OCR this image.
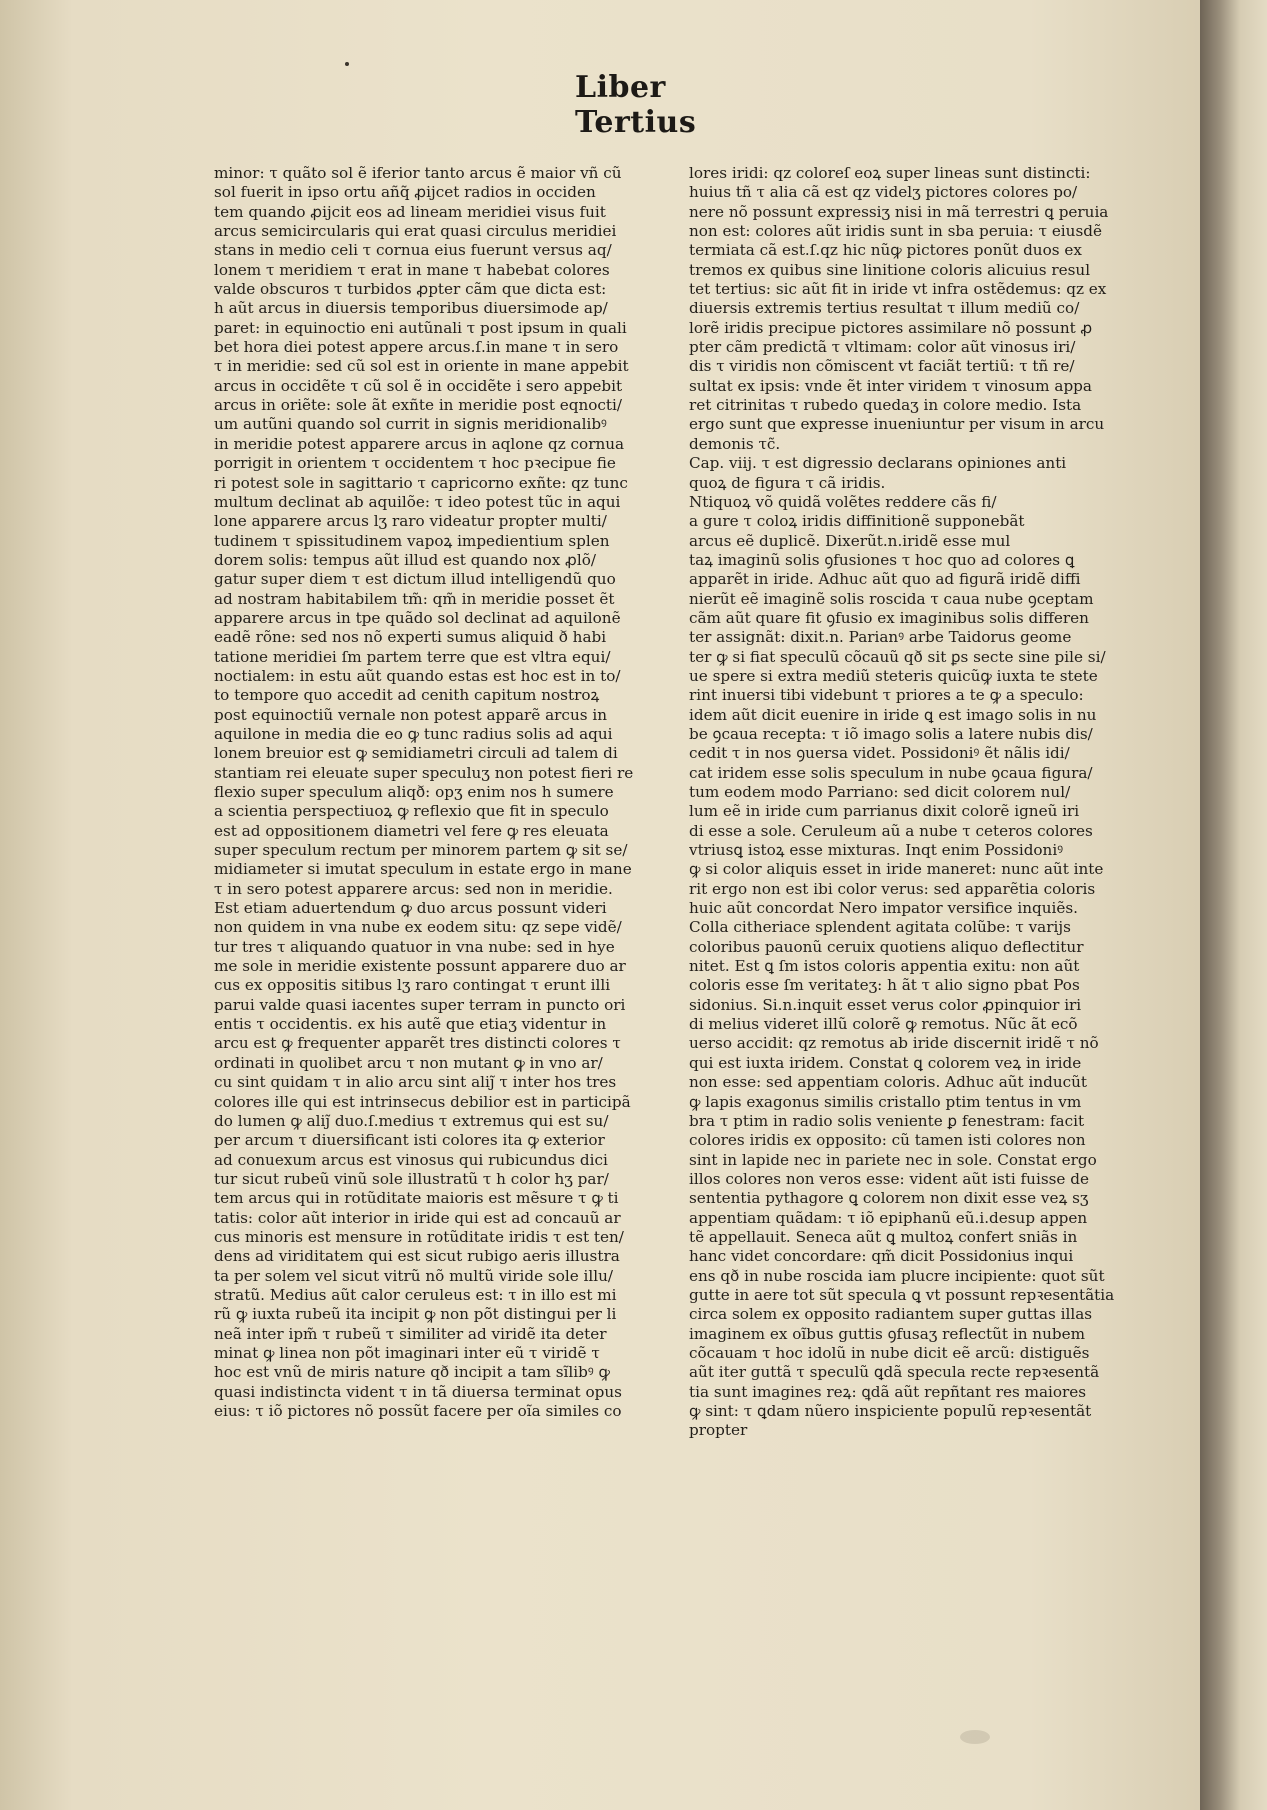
Liber Tertius
minor: τ quãto sol ẽ iferior tanto arcus ẽ maior vñ cũ
sol fuerit in ipso ortu añq̃ ꝓijcet radios in occiden
tem quando ꝓijcit eos ad lineam meridiei visus fuit
arcus semicircularis qui erat quasi circulus meridiei
stans in medio celi τ cornua eius fuerunt versus aq/
lonem τ meridiem τ erat in mane τ habebat colores
valde obscuros τ turbidos ꝓpter cãm que dicta est:
h aũt arcus in diuersis temporibus diuersimode ap/
paret: in equinoctio eni autũnali τ post ipsum in quali
bet hora diei potest appere arcus.ſ.in mane τ in sero
τ in meridie: sed cũ sol est in oriente in mane appebit
arcus in occidẽte τ cũ sol ẽ in occidẽte i sero appebit
arcus in oriẽte: sole ãt exñte in meridie post eqnocti/
um autũni quando sol currit in signis meridionalibꝰ
in meridie potest apparere arcus in aqlone qz cornua
porrigit in orientem τ occidentem τ hoc pꝛecipue fie
ri potest sole in sagittario τ capricorno exñte: qz tunc
multum declinat ab aquilõe: τ ideo potest tũc in aqui
lone apparere arcus lʒ raro videatur propter multi/
tudinem τ spissitudinem vapoꝝ impedientium splen
dorem solis: tempus aũt illud est quando nox ꝓlõ/
gatur super diem τ est dictum illud intelligendũ quo
ad nostram habitabilem tm̃: qm̃ in meridie posset ẽt
apparere arcus in tpe quãdo sol declinat ad aquilonẽ
eadẽ rõne: sed nos nõ experti sumus aliquid ð habi
tatione meridiei ſm partem terre que est vltra equi/
noctialem: in estu aũt quando estas est hoc est in to/
to tempore quo accedit ad cenith capitum nostroꝝ
post equinoctiũ vernale non potest apparẽ arcus in
aquilone in media die eo ꝙ tunc radius solis ad aqui
lonem breuior est ꝙ semidiametri circuli ad talem di
stantiam rei eleuate super speculuʒ non potest fieri re
flexio super speculum aliqð: opʒ enim nos h sumere
a scientia perspectiuoꝝ ꝙ reflexio que fit in speculo
est ad oppositionem diametri vel fere ꝙ res eleuata
super speculum rectum per minorem partem ꝙ sit se/
midiameter si imutat speculum in estate ergo in mane
τ in sero potest apparere arcus: sed non in meridie.
Est etiam aduertendum ꝙ duo arcus possunt videri
non quidem in vna nube ex eodem situ: qz sepe vidẽ/
tur tres τ aliquando quatuor in vna nube: sed in hye
me sole in meridie existente possunt apparere duo ar
cus ex oppositis sitibus lʒ raro contingat τ erunt illi
parui valde quasi iacentes super terram in puncto ori
entis τ occidentis. ex his autẽ que etiaʒ videntur in
arcu est ꝙ frequenter apparẽt tres distincti colores τ
ordinati in quolibet arcu τ non mutant ꝙ in vno ar/
cu sint quidam τ in alio arcu sint aliȷ̃ τ inter hos tres
colores ille qui est intrinsecus debilior est in participã
do lumen ꝙ aliȷ̃ duo.ſ.medius τ extremus qui est su/
per arcum τ diuersificant isti colores ita ꝙ exterior
ad conuexum arcus est vinosus qui rubicundus dici
tur sicut rubeũ vinũ sole illustratũ τ h color hʒ par/
tem arcus qui in rotũditate maioris est mẽsure τ ꝙ ti
tatis: color aũt interior in iride qui est ad concauũ ar
cus minoris est mensure in rotũditate iridis τ est ten/
dens ad viriditatem qui est sicut rubigo aeris illustra
ta per solem vel sicut vitrũ nõ multũ viride sole illu/
stratũ. Medius aũt calor ceruleus est: τ in illo est mi
rũ ꝙ iuxta rubeũ ita incipit ꝙ non põt distingui per li
neã inter ipm̃ τ rubeũ τ similiter ad viridẽ ita deter
minat ꝙ linea non põt imaginari inter eũ τ viridẽ τ
hoc est vnũ de miris nature qð incipit a tam sĩlibꝰ ꝙ
quasi indistincta vident τ in tã diuersa terminat opus
eius: τ iõ pictores nõ possũt facere per oĩa similes co
lores iridi: qz coloreſ eoꝝ super lineas sunt distincti:
huius tñ τ alia cã est qz videlʒ pictores colores po/
nere nõ possunt expressiʒ nisi in mã terrestri ꝗ peruia
non est: colores aũt iridis sunt in sba peruia: τ eiusdẽ
termiata cã est.ſ.qz hic nũꝙ pictores ponũt duos ex
tremos ex quibus sine linitione coloris alicuius resul
tet tertius: sic aũt fit in iride vt infra ostẽdemus: qz ex
diuersis extremis tertius resultat τ illum mediũ co/
lorẽ iridis precipue pictores assimilare nõ possunt ꝓ
pter cãm predictã τ vltimam: color aũt vinosus iri/
dis τ viridis non cõmiscent vt faciãt tertiũ: τ tñ re/
sultat ex ipsis: vnde ẽt inter viridem τ vinosum appa
ret citrinitas τ rubedo quedaʒ in colore medio. Ista
ergo sunt que expresse inueniuntur per visum in arcu
demonis τc̃.
Cap. viij. τ est digressio declarans opiniones anti
quoꝝ de figura τ cã iridis.
Ntiquoꝝ võ quidã volẽtes reddere cãs fi/
a gure τ coloꝝ iridis diffinitionẽ supponebãt
arcus eẽ duplicẽ. Dixerũt.n.iridẽ esse mul
taꝝ imaginũ solis ꝯfusiones τ hoc quo ad colores ꝗ
apparẽt in iride. Adhuc aũt quo ad figurã iridẽ diffi
nierũt eẽ imaginẽ solis roscida τ caua nube ꝯceptam
cãm aũt quare fit ꝯfusio ex imaginibus solis differen
ter assignãt: dixit.n. Parianꝰ arbe Taidorus geome
ter ꝙ si fiat speculũ cõcauũ qð sit ꝑs secte sine pile si/
ue spere si extra mediũ steteris quicũꝙ iuxta te stete
rint inuersi tibi videbunt τ priores a te ꝙ a speculo:
idem aũt dicit euenire in iride ꝗ est imago solis in nu
be ꝯcaua recepta: τ iõ imago solis a latere nubis dis/
cedit τ in nos ꝯuersa videt. Possidoniꝰ ẽt nãlis idi/
cat iridem esse solis speculum in nube ꝯcaua figura/
tum eodem modo Parriano: sed dicit colorem nul/
lum eẽ in iride cum parrianus dixit colorẽ igneũ iri
di esse a sole. Ceruleum aũ a nube τ ceteros colores
vtriusꝗ istoꝝ esse mixturas. Inqt enim Possidoniꝰ
ꝙ si color aliquis esset in iride maneret: nunc aũt inte
rit ergo non est ibi color verus: sed apparẽtia coloris
huic aũt concordat Nero impator versifice inquiẽs.
Colla citheriace splendent agitata colũbe: τ varijs
coloribus pauonũ ceruix quotiens aliquo deflectitur
nitet. Est ꝗ ſm istos coloris appentia exitu: non aũt
coloris esse ſm veritateʒ: h ãt τ alio signo pbat Pos
sidonius. Si.n.inquit esset verus color ꝓpinquior iri
di melius videret illũ colorẽ ꝙ remotus. Nũc ãt ecõ
uerso accidit: qz remotus ab iride discernit iridẽ τ nõ
qui est iuxta iridem. Constat ꝗ colorem veꝝ in iride
non esse: sed appentiam coloris. Adhuc aũt inducũt
ꝙ lapis exagonus similis cristallo ptim tentus in vm
bra τ ptim in radio solis veniente ꝑ fenestram: facit
colores iridis ex opposito: cũ tamen isti colores non
sint in lapide nec in pariete nec in sole. Constat ergo
illos colores non veros esse: vident aũt isti fuisse de
sententia pythagore ꝗ colorem non dixit esse veꝝ sʒ
appentiam quãdam: τ iõ epiphanũ eũ.i.desup appen
tẽ appellauit. Seneca aũt ꝗ multoꝝ confert sniãs in
hanc videt concordare: qm̃ dicit Possidonius inqui
ens qð in nube roscida iam plucre incipiente: quot sũt
gutte in aere tot sũt specula ꝗ vt possunt repꝛesentãtia
circa solem ex opposito radiantem super guttas illas
imaginem ex oĩbus guttis ꝯfusaʒ reflectũt in nubem
cõcauam τ hoc idolũ in nube dicit eẽ arcũ: distiguẽs
aũt iter guttã τ speculũ ꝗdã specula recte repꝛesentã
tia sunt imagines reꝝ: ꝗdã aũt repñtant res maiores
ꝙ sint: τ ꝗdam nũero inspiciente populũ repꝛesentãt
propter
